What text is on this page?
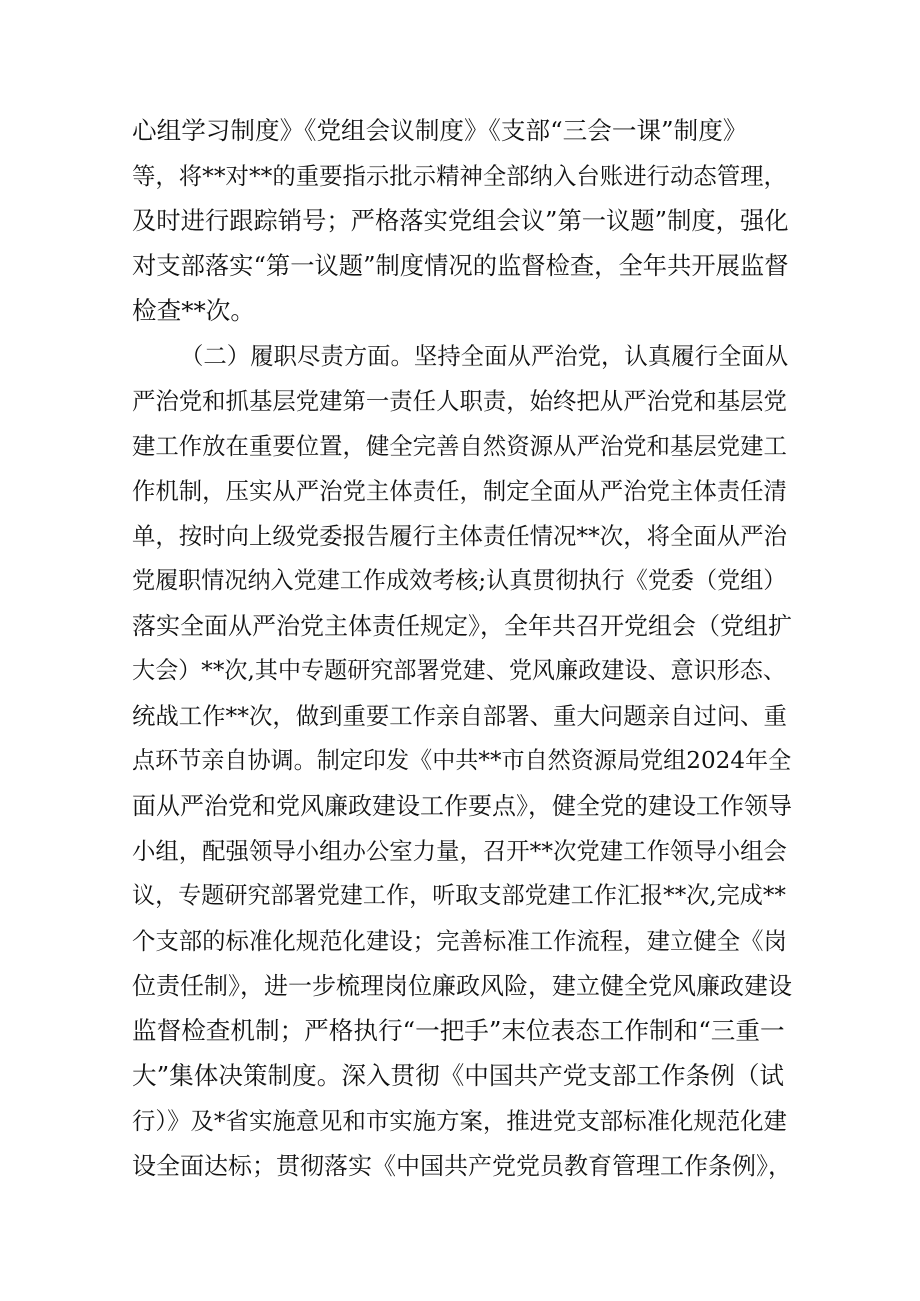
心组学习制度》《党组会议制度》《支部“三会一课”制度》
等，将**对**的重要指示批示精神全部纳入台账进行动态管理，
及时进行跟踪销号；严格落实党组会议”第一议题”制度，强化
对支部落实“第一议题”制度情况的监督检查，全年共开展监督
检查**次。
（二）履职尽责方面。坚持全面从严治党，认真履行全面从
严治党和抓基层党建第一责任人职责，始终把从严治党和基层党
建工作放在重要位置，健全完善自然资源从严治党和基层党建工
作机制，压实从严治党主体责任，制定全面从严治党主体责任清
单，按时向上级党委报告履行主体责任情况**次，将全面从严治
党履职情况纳入党建工作成效考核;认真贯彻执行《党委（党组）
落实全面从严治党主体责任规定》，全年共召开党组会（党组扩
大会）**次,其中专题研究部署党建、党风廉政建设、意识形态、
统战工作**次，做到重要工作亲自部署、重大问题亲自过问、重
点环节亲自协调。制定印发《中共**市自然资源局党组2024年全
面从严治党和党风廉政建设工作要点》，健全党的建设工作领导
小组，配强领导小组办公室力量，召开**次党建工作领导小组会
议，专题研究部署党建工作，听取支部党建工作汇报**次,完成**
个支部的标准化规范化建设；完善标准工作流程，建立健全《岗
位责任制》，进一步梳理岗位廉政风险，建立健全党风廉政建设
监督检查机制；严格执行“一把手”末位表态工作制和“三重一
大”集体决策制度。深入贯彻《中国共产党支部工作条例（试
行）》及*省实施意见和市实施方案，推进党支部标准化规范化建
设全面达标；贯彻落实《中国共产党党员教育管理工作条例》，
